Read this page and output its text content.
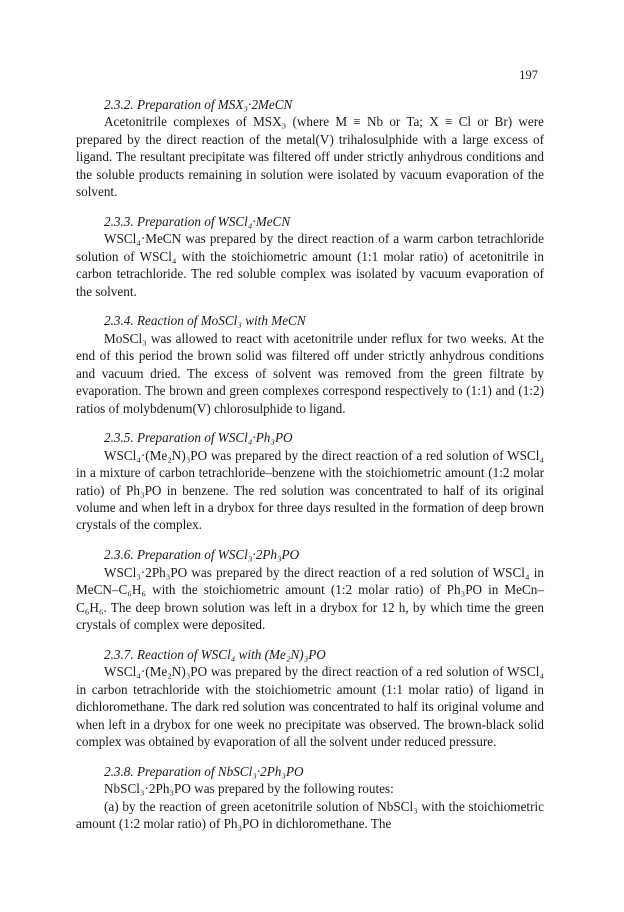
197
2.3.2. Preparation of MSX₃·2MeCN
Acetonitrile complexes of MSX₃ (where M ≡ Nb or Ta; X ≡ Cl or Br) were prepared by the direct reaction of the metal(V) trihalosulphide with a large excess of ligand. The resultant precipitate was filtered off under strictly anhydrous conditions and the soluble products remaining in solution were isolated by vacuum evaporation of the solvent.
2.3.3. Preparation of WSCl₄·MeCN
WSCl₄·MeCN was prepared by the direct reaction of a warm carbon tetrachloride solution of WSCl₄ with the stoichiometric amount (1:1 molar ratio) of acetonitrile in carbon tetrachloride. The red soluble complex was isolated by vacuum evaporation of the solvent.
2.3.4. Reaction of MoSCl₃ with MeCN
MoSCl₃ was allowed to react with acetonitrile under reflux for two weeks. At the end of this period the brown solid was filtered off under strictly anhydrous conditions and vacuum dried. The excess of solvent was removed from the green filtrate by evaporation. The brown and green complexes correspond respectively to (1:1) and (1:2) ratios of molybdenum(V) chlorosulphide to ligand.
2.3.5. Preparation of WSCl₄·Ph₃PO
WSCl₄·(Me₂N)₃PO was prepared by the direct reaction of a red solution of WSCl₄ in a mixture of carbon tetrachloride–benzene with the stoichiometric amount (1:2 molar ratio) of Ph₃PO in benzene. The red solution was concentrated to half of its original volume and when left in a drybox for three days resulted in the formation of deep brown crystals of the complex.
2.3.6. Preparation of WSCl₃·2Ph₃PO
WSCl₃·2Ph₃PO was prepared by the direct reaction of a red solution of WSCl₄ in MeCN–C₆H₆ with the stoichiometric amount (1:2 molar ratio) of Ph₃PO in MeCn–C₆H₆. The deep brown solution was left in a drybox for 12 h, by which time the green crystals of complex were deposited.
2.3.7. Reaction of WSCl₄ with (Me₂N)₃PO
WSCl₄·(Me₂N)₃PO was prepared by the direct reaction of a red solution of WSCl₄ in carbon tetrachloride with the stoichiometric amount (1:1 molar ratio) of ligand in dichloromethane. The dark red solution was concentrated to half its original volume and when left in a drybox for one week no precipitate was observed. The brown-black solid complex was obtained by evaporation of all the solvent under reduced pressure.
2.3.8. Preparation of NbSCl₃·2Ph₃PO
NbSCl₃·2Ph₃PO was prepared by the following routes:
(a) by the reaction of green acetonitrile solution of NbSCl₃ with the stoichiometric amount (1:2 molar ratio) of Ph₃PO in dichloromethane. The
